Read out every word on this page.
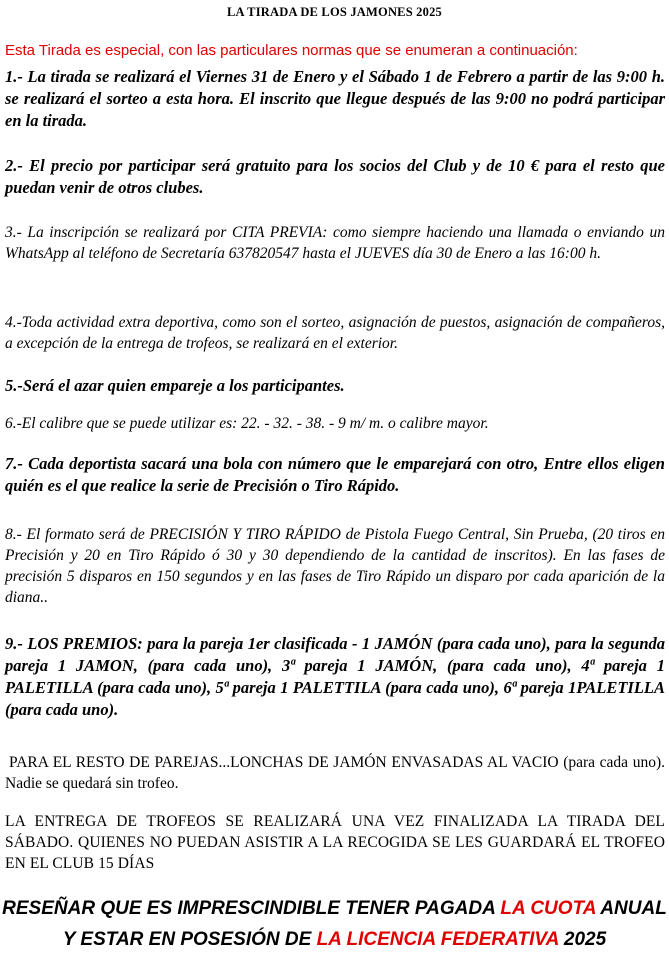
LA TIRADA DE LOS JAMONES 2025
Esta Tirada es especial, con las particulares normas que se enumeran a continuación:

1.- La tirada se realizará el Viernes 31 de Enero y el Sábado 1 de Febrero a partir de las 9:00 h. se realizará el sorteo a esta hora. El inscrito que llegue después de las 9:00 no podrá participar en la tirada.

2.- El precio por participar será gratuito para los socios del Club y de 10 € para el resto que puedan venir de otros clubes.

3.- La inscripción se realizará por CITA PREVIA: como siempre haciendo una llamada o enviando un WhatsApp al teléfono de Secretaría 637820547 hasta el JUEVES día 30 de Enero a las 16:00 h.

4.-Toda actividad extra deportiva, como son el sorteo, asignación de puestos, asignación de compañeros, a excepción de la entrega de trofeos, se realizará en el exterior.

5.-Será el azar quien empareje a los participantes.

6.-El calibre que se puede utilizar es: 22. - 32. - 38. - 9 m/ m. o calibre mayor.

7.- Cada deportista sacará una bola con número que le emparejará con otro, Entre ellos eligen quién es el que realice la serie de Precisión o Tiro Rápido.

8.- El formato será de PRECISIÓN Y TIRO RÁPIDO de Pistola Fuego Central, Sin Prueba, (20 tiros en Precisión y 20 en Tiro Rápido ó 30 y 30 dependiendo de la cantidad de inscritos). En las fases de precisión 5 disparos en 150 segundos y en las fases de Tiro Rápido un disparo por cada aparición de la diana..

9.- LOS PREMIOS: para la pareja 1er clasificada - 1 JAMÓN (para cada uno), para la segunda pareja 1 JAMON, (para cada uno), 3ª pareja 1 JAMÓN, (para cada uno), 4ª pareja 1 PALETILLA (para cada uno), 5ª pareja 1 PALETTILA (para cada uno), 6ª pareja 1PALETILLA (para cada uno).

PARA EL RESTO DE PAREJAS...LONCHAS DE JAMÓN ENVASADAS AL VACIO (para cada uno). Nadie se quedará sin trofeo.

LA ENTREGA DE TROFEOS SE REALIZARÁ UNA VEZ FINALIZADA LA TIRADA DEL SÁBADO. QUIENES NO PUEDAN ASISTIR A LA RECOGIDA SE LES GUARDARÁ EL TROFEO EN EL CLUB 15 DÍAS

RESEÑAR QUE ES IMPRESCINDIBLE TENER PAGADA LA CUOTA ANUAL Y ESTAR EN POSESIÓN DE LA LICENCIA FEDERATIVA 2025
